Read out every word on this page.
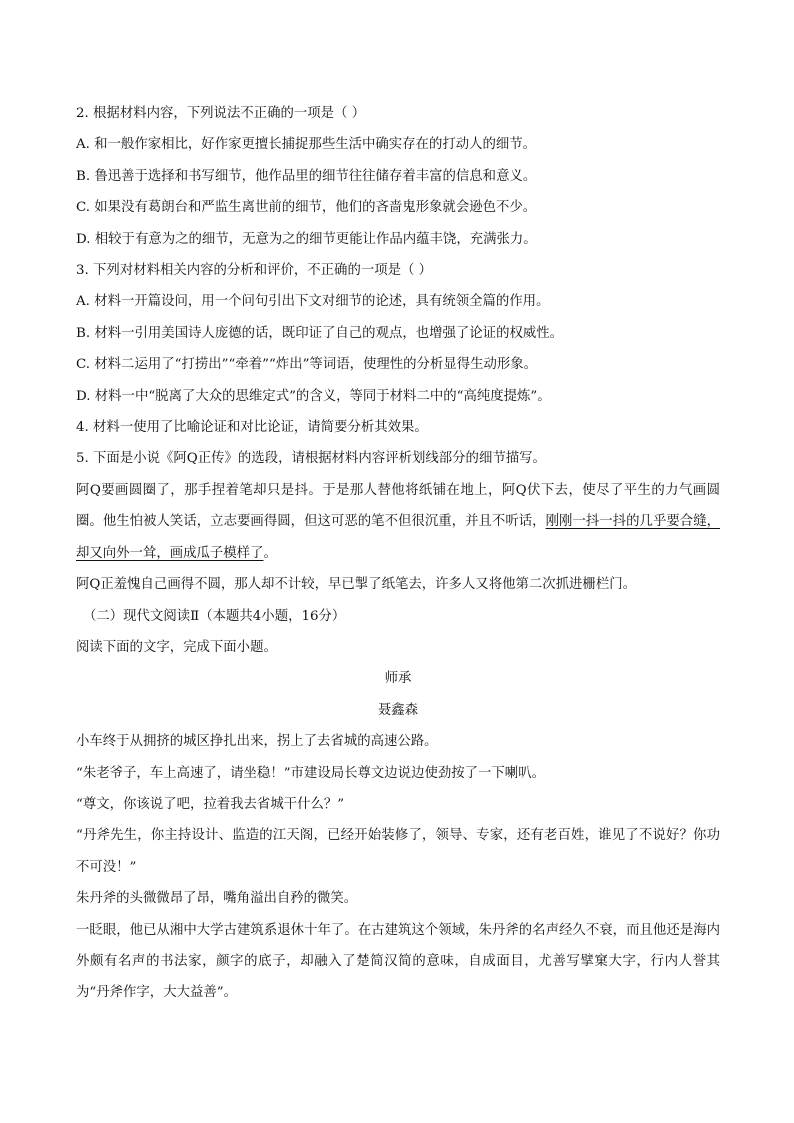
2. 根据材料内容，下列说法不正确的一项是（ ）
A. 和一般作家相比，好作家更擅长捕捉那些生活中确实存在的打动人的细节。
B. 鲁迅善于选择和书写细节，他作品里的细节往往储存着丰富的信息和意义。
C. 如果没有葛朗台和严监生离世前的细节，他们的吝啬鬼形象就会逊色不少。
D. 相较于有意为之的细节，无意为之的细节更能让作品内蕴丰饶，充满张力。
3. 下列对材料相关内容的分析和评价，不正确的一项是（ ）
A. 材料一开篇设问，用一个问句引出下文对细节的论述，具有统领全篇的作用。
B. 材料一引用美国诗人庞德的话，既印证了自己的观点，也增强了论证的权威性。
C. 材料二运用了“打捞出”“牵着”“炸出”等词语，使理性的分析显得生动形象。
D. 材料一中“脱离了大众的思维定式”的含义，等同于材料二中的“高纯度提炼”。
4. 材料一使用了比喻论证和对比论证，请简要分析其效果。
5. 下面是小说《阿Q正传》的选段，请根据材料内容评析划线部分的细节描写。
阿Q要画圆圈了，那手捏着笔却只是抖。于是那人替他将纸铺在地上，阿Q伏下去，使尽了平生的力气画圆圈。他生怕被人笑话，立志要画得圆，但这可恶的笔不但很沉重，并且不听话，刚刚一抖一抖的几乎要合缝，却又向外一耸，画成瓜子模样了。
阿Q正羞愧自己画得不圆，那人却不计较，早已掣了纸笔去，许多人又将他第二次抓进栅栏门。
（二）现代文阅读Ⅱ（本题共4小题，16分）
阅读下面的文字，完成下面小题。
师承
聂鑫森
小车终于从拥挤的城区挣扎出来，拐上了去省城的高速公路。
“朱老爷子，车上高速了，请坐稳！”市建设局长尊文边说边使劲按了一下喇叭。
“尊文，你该说了吧，拉着我去省城干什么？”
“丹斧先生，你主持设计、监造的江天阁，已经开始装修了，领导、专家，还有老百姓，谁见了不说好？你功不可没！”
朱丹斧的头微微昂了昂，嘴角溢出自矜的微笑。
一眨眼，他已从湘中大学古建筑系退休十年了。在古建筑这个领域，朱丹斧的名声经久不衰，而且他还是海内外颇有名声的书法家，颜字的底子，却融入了楚简汉简的意味，自成面目，尤善写擘窠大字，行内人誉其为“丹斧作字，大大益善”。
